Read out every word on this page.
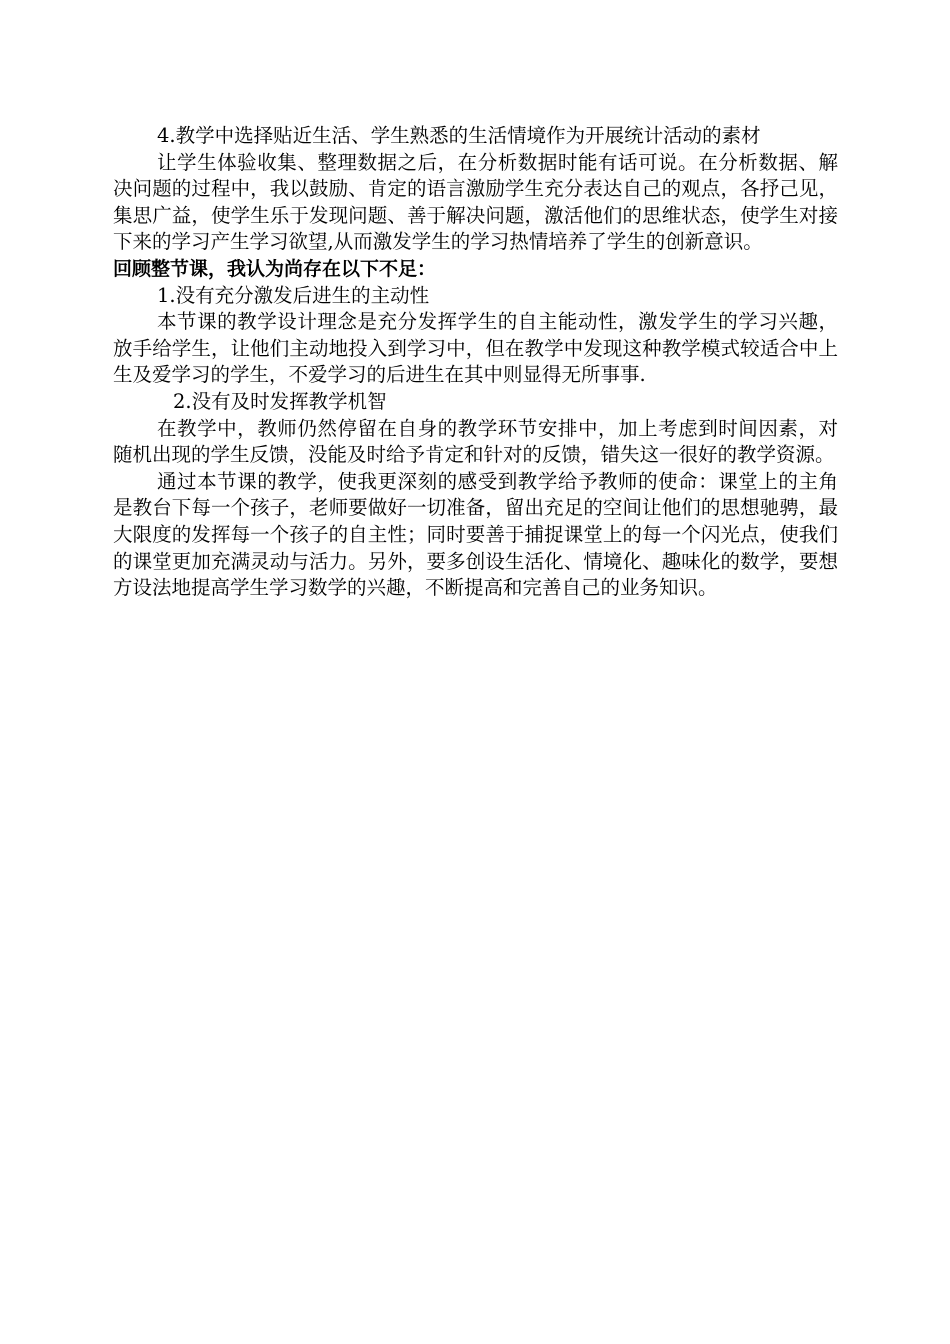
4.教学中选择贴近生活、学生熟悉的生活情境作为开展统计活动的素材

让学生体验收集、整理数据之后，在分析数据时能有话可说。在分析数据、解决问题的过程中，我以鼓励、肯定的语言激励学生充分表达自己的观点，各抒己见，集思广益，使学生乐于发现问题、善于解决问题，激活他们的思维状态，使学生对接下来的学习产生学习欲望,从而激发学生的学习热情培养了学生的创新意识。

回顾整节课，我认为尚存在以下不足：

1.没有充分激发后进生的主动性

本节课的教学设计理念是充分发挥学生的自主能动性，激发学生的学习兴趣，放手给学生，让他们主动地投入到学习中，但在教学中发现这种教学模式较适合中上生及爱学习的学生，不爱学习的后进生在其中则显得无所事事.

2.没有及时发挥教学机智

在教学中，教师仍然停留在自身的教学环节安排中，加上考虑到时间因素，对随机出现的学生反馈，没能及时给予肯定和针对的反馈，错失这一很好的教学资源。

通过本节课的教学，使我更深刻的感受到教学给予教师的使命：课堂上的主角是教台下每一个孩子，老师要做好一切准备，留出充足的空间让他们的思想驰骋，最大限度的发挥每一个孩子的自主性；同时要善于捕捉课堂上的每一个闪光点，使我们的课堂更加充满灵动与活力。另外，要多创设生活化、情境化、趣味化的数学，要想方设法地提高学生学习数学的兴趣，不断提高和完善自己的业务知识。
